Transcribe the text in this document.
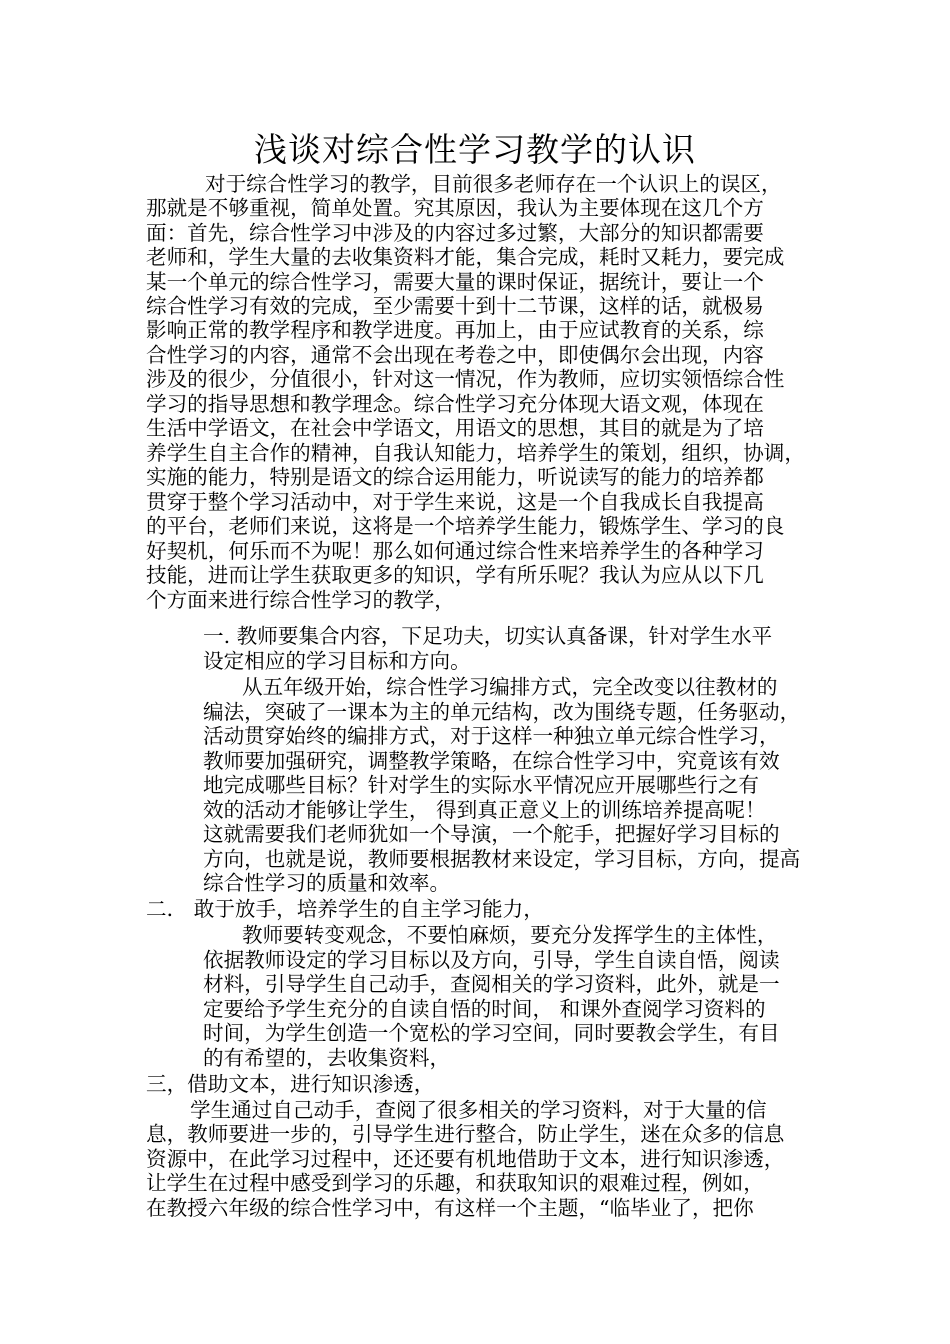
浅谈对综合性学习教学的认识
对于综合性学习的教学，目前很多老师存在一个认识上的误区，
那就是不够重视，简单处置。究其原因，我认为主要体现在这几个方
面：首先，综合性学习中涉及的内容过多过繁，大部分的知识都需要
老师和，学生大量的去收集资料才能，集合完成，耗时又耗力，要完成
某一个单元的综合性学习，需要大量的课时保证，据统计，要让一个
综合性学习有效的完成，至少需要十到十二节课，这样的话，就极易
影响正常的教学程序和教学进度。再加上，由于应试教育的关系，综
合性学习的内容，通常不会出现在考卷之中，即使偶尔会出现，内容
涉及的很少，分值很小，针对这一情况，作为教师，应切实领悟综合性
学习的指导思想和教学理念。综合性学习充分体现大语文观，体现在
生活中学语文，在社会中学语文，用语文的思想，其目的就是为了培
养学生自主合作的精神，自我认知能力，培养学生的策划，组织，协调，
实施的能力，特别是语文的综合运用能力，听说读写的能力的培养都
贯穿于整个学习活动中，对于学生来说，这是一个自我成长自我提高
的平台，老师们来说，这将是一个培养学生能力，锻炼学生、学习的良
好契机，何乐而不为呢！那么如何通过综合性来培养学生的各种学习
技能，进而让学生获取更多的知识，学有所乐呢？我认为应从以下几
个方面来进行综合性学习的教学，
一. 教师要集合内容，下足功夫，切实认真备课，针对学生水平
设定相应的学习目标和方向。
从五年级开始，综合性学习编排方式，完全改变以往教材的
编法，突破了一课本为主的单元结构，改为围绕专题，任务驱动，
活动贯穿始终的编排方式，对于这样一种独立单元综合性学习，
教师要加强研究，调整教学策略，在综合性学习中，究竟该有效
地完成哪些目标？针对学生的实际水平情况应开展哪些行之有
效的活动才能够让学生， 得到真正意义上的训练培养提高呢！
这就需要我们老师犹如一个导演，一个舵手，把握好学习目标的
方向，也就是说，教师要根据教材来设定，学习目标，方向，提高
综合性学习的质量和效率。
二． 敢于放手，培养学生的自主学习能力，
教师要转变观念，不要怕麻烦，要充分发挥学生的主体性，
依据教师设定的学习目标以及方向，引导，学生自读自悟，阅读
材料，引导学生自己动手，查阅相关的学习资料，此外，就是一
定要给予学生充分的自读自悟的时间， 和课外查阅学习资料的
时间，为学生创造一个宽松的学习空间，同时要教会学生，有目
的有希望的，去收集资料，
三，借助文本，进行知识渗透，
学生通过自己动手，查阅了很多相关的学习资料，对于大量的信
息，教师要进一步的，引导学生进行整合，防止学生，迷在众多的信息
资源中，在此学习过程中，还还要有机地借助于文本，进行知识渗透，
让学生在过程中感受到学习的乐趣，和获取知识的艰难过程，例如，
在教授六年级的综合性学习中，有这样一个主题，“临毕业了，把你
